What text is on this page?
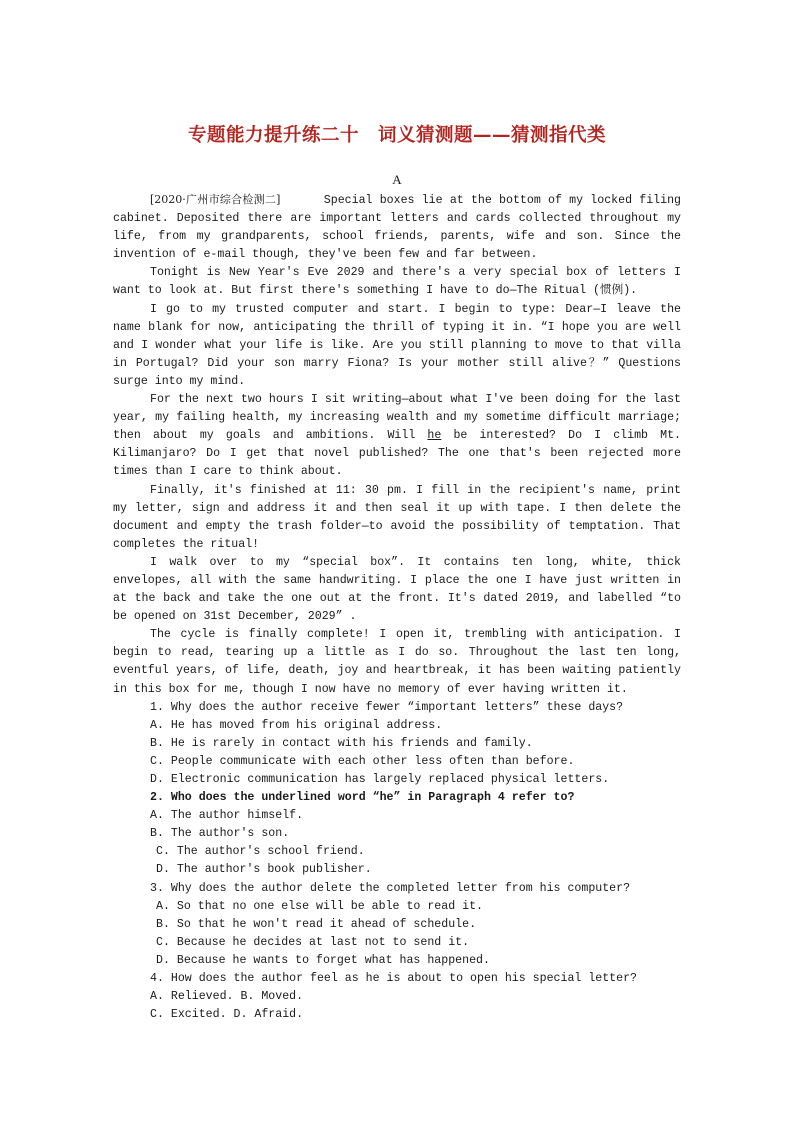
专题能力提升练二十　词义猜测题——猜测指代类
A

[2020·广州市综合检测二]	Special boxes lie at the bottom of my locked filing cabinet. Deposited there are important letters and cards collected throughout my life, from my grandparents, school friends, parents, wife and son. Since the invention of e-mail though, they've been few and far between.

Tonight is New Year's Eve 2029 and there's a very special box of letters I want to look at. But first there's something I have to do—The Ritual (惯例).

I go to my trusted computer and start. I begin to type: Dear—I leave the name blank for now, anticipating the thrill of typing it in. “I hope you are well and I wonder what your life is like. Are you still planning to move to that villa in Portugal? Did your son marry Fiona? Is your mother still alive？” Questions surge into my mind.

For the next two hours I sit writing—about what I've been doing for the last year, my failing health, my increasing wealth and my sometime difficult marriage; then about my goals and ambitions. Will he be interested? Do I climb Mt. Kilimanjaro? Do I get that novel published? The one that's been rejected more times than I care to think about.

Finally, it's finished at 11: 30 pm. I fill in the recipient's name, print my letter, sign and address it and then seal it up with tape. I then delete the document and empty the trash folder—to avoid the possibility of temptation. That completes the ritual!

I walk over to my “special box”. It contains ten long, white, thick envelopes, all with the same handwriting. I place the one I have just written in at the back and take the one out at the front. It's dated 2019, and labelled “to be opened on 31st December, 2029” .

The cycle is finally complete! I open it, trembling with anticipation. I begin to read, tearing up a little as I do so. Throughout the last ten long, eventful years, of life, death, joy and heartbreak, it has been waiting patiently in this box for me, though I now have no memory of ever having written it.

1. Why does the author receive fewer “important letters” these days?

A. He has moved from his original address.

B. He is rarely in contact with his friends and family.

C. People communicate with each other less often than before.

D. Electronic communication has largely replaced physical letters.

2. Who does the underlined word “he” in Paragraph 4 refer to?

A. The author himself.

B. The author's son.

C. The author's school friend.

D. The author's book publisher.

3. Why does the author delete the completed letter from his computer?

A. So that no one else will be able to read it.

B. So that he won't read it ahead of schedule.

C. Because he decides at last not to send it.

D. Because he wants to forget what has happened.

4. How does the author feel as he is about to open his special letter?

A. Relieved. B. Moved.

C. Excited. D. Afraid.
